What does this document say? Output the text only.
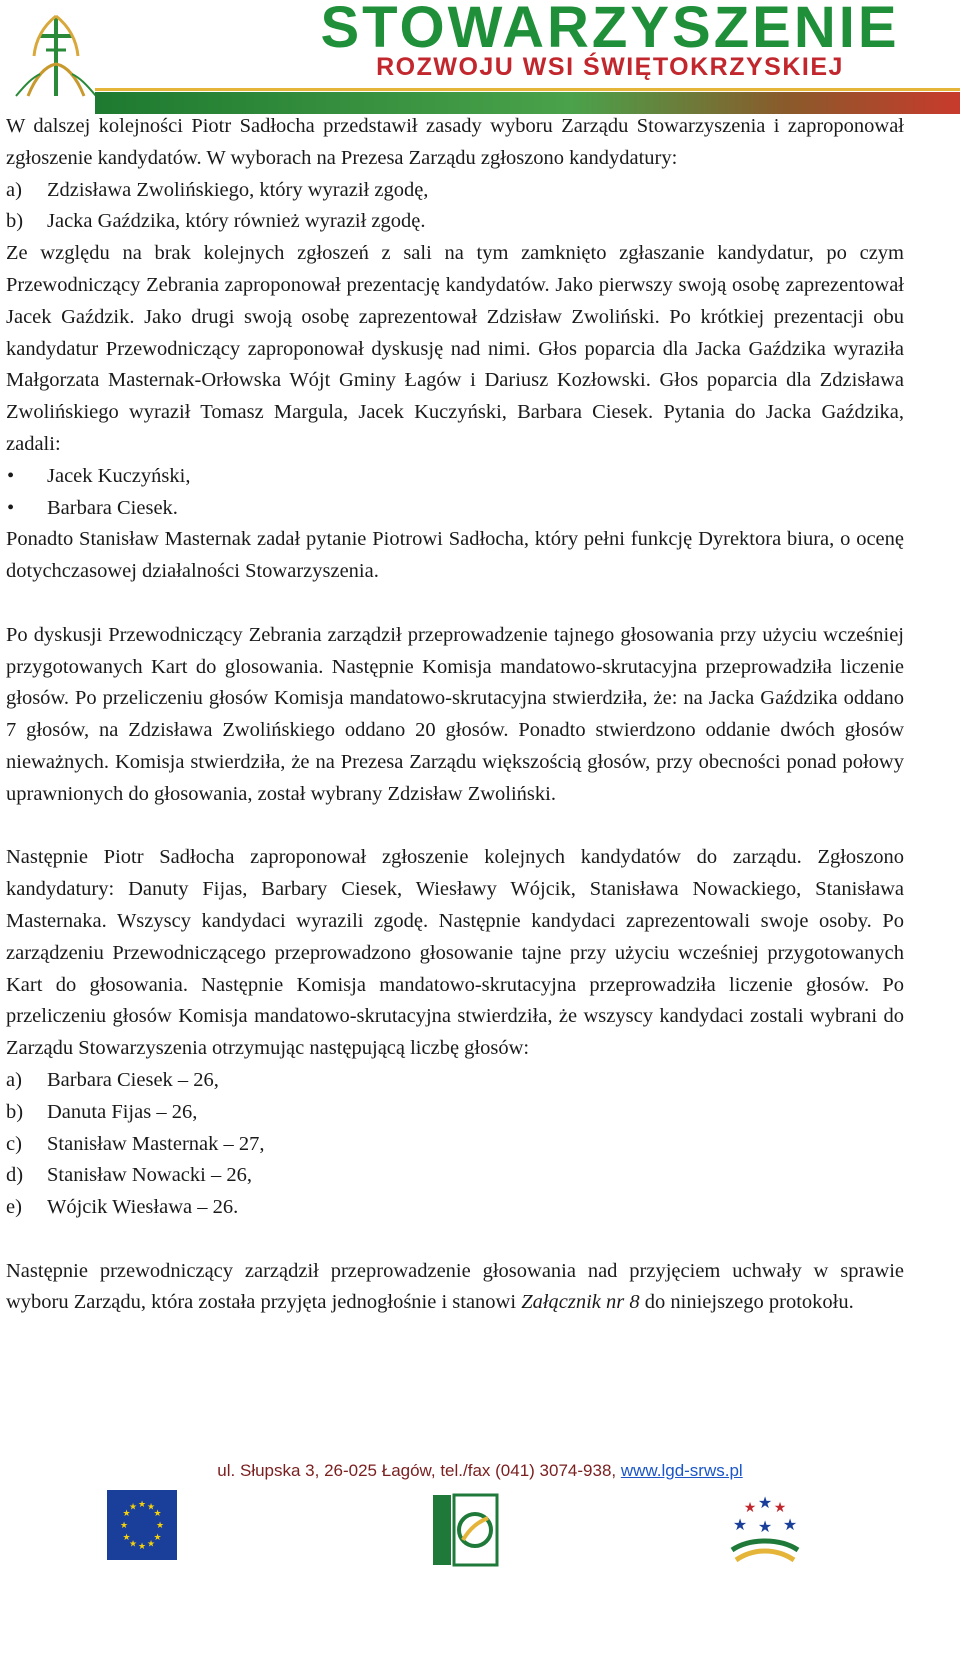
STOWARZYSZENIE
ROZWOJU WSI ŚWIĘTOKRZYSKIEJ

W dalszej kolejności Piotr Sadłocha przedstawił zasady wyboru Zarządu Stowarzyszenia i zaproponował zgłoszenie kandydatów. W wyborach na Prezesa Zarządu zgłoszono kandydatury:

a) Zdzisława Zwolińskiego, który wyraził zgodę,
b) Jacka Gaździka, który również wyraził zgodę.

Ze względu na brak kolejnych zgłoszeń z sali na tym zamknięto zgłaszanie kandydatur, po czym Przewodniczący Zebrania zaproponował prezentację kandydatów. Jako pierwszy swoją osobę zaprezentował Jacek Gaździk. Jako drugi swoją osobę zaprezentował Zdzisław Zwoliński. Po krótkiej prezentacji obu kandydatur Przewodniczący zaproponował dyskusję nad nimi. Głos poparcia dla Jacka Gaździka wyraziła Małgorzata Masternak-Orłowska Wójt Gminy Łagów i Dariusz Kozłowski. Głos poparcia dla Zdzisława Zwolińskiego wyraził Tomasz Margula, Jacek Kuczyński, Barbara Ciesek. Pytania do Jacka Gaździka, zadali:

• Jacek Kuczyński,
• Barbara Ciesek.

Ponadto Stanisław Masternak zadał pytanie Piotrowi Sadłocha, który pełni funkcję Dyrektora biura, o ocenę dotychczasowej działalności Stowarzyszenia.

Po dyskusji Przewodniczący Zebrania zarządził przeprowadzenie tajnego głosowania przy użyciu wcześniej przygotowanych Kart do glosowania. Następnie Komisja mandatowo-skrutacyjna przeprowadziła liczenie głosów. Po przeliczeniu głosów Komisja mandatowo-skrutacyjna stwierdziła, że: na Jacka Gaździka oddano 7 głosów, na Zdzisława Zwolińskiego oddano 20 głosów. Ponadto stwierdzono oddanie dwóch głosów nieważnych. Komisja stwierdziła, że na Prezesa Zarządu większością głosów, przy obecności ponad połowy uprawnionych do głosowania, został wybrany Zdzisław Zwoliński.

Następnie Piotr Sadłocha zaproponował zgłoszenie kolejnych kandydatów do zarządu. Zgłoszono kandydatury: Danuty Fijas, Barbary Ciesek, Wiesławy Wójcik, Stanisława Nowackiego, Stanisława Masternaka. Wszyscy kandydaci wyrazili zgodę. Następnie kandydaci zaprezentowali swoje osoby. Po zarządzeniu Przewodniczącego przeprowadzono głosowanie tajne przy użyciu wcześniej przygotowanych Kart do głosowania. Następnie Komisja mandatowo-skrutacyjna przeprowadziła liczenie głosów. Po przeliczeniu głosów Komisja mandatowo-skrutacyjna stwierdziła, że wszyscy kandydaci zostali wybrani do Zarządu Stowarzyszenia otrzymując następującą liczbę głosów:

a) Barbara Ciesek – 26,
b) Danuta Fijas – 26,
c) Stanisław Masternak – 27,
d) Stanisław Nowacki – 26,
e) Wójcik Wiesława – 26.

Następnie przewodniczący zarządził przeprowadzenie głosowania nad przyjęciem uchwały w sprawie wyboru Zarządu, która została przyjęta jednogłośnie i stanowi Załącznik nr 8 do niniejszego protokołu.

ul. Słupska 3, 26-025 Łagów, tel./fax (041) 3074-938, www.lgd-srws.pl
★ ★
★
★
★
★
★
★
★
★
★
★	★ ★
★
★ ★
★
